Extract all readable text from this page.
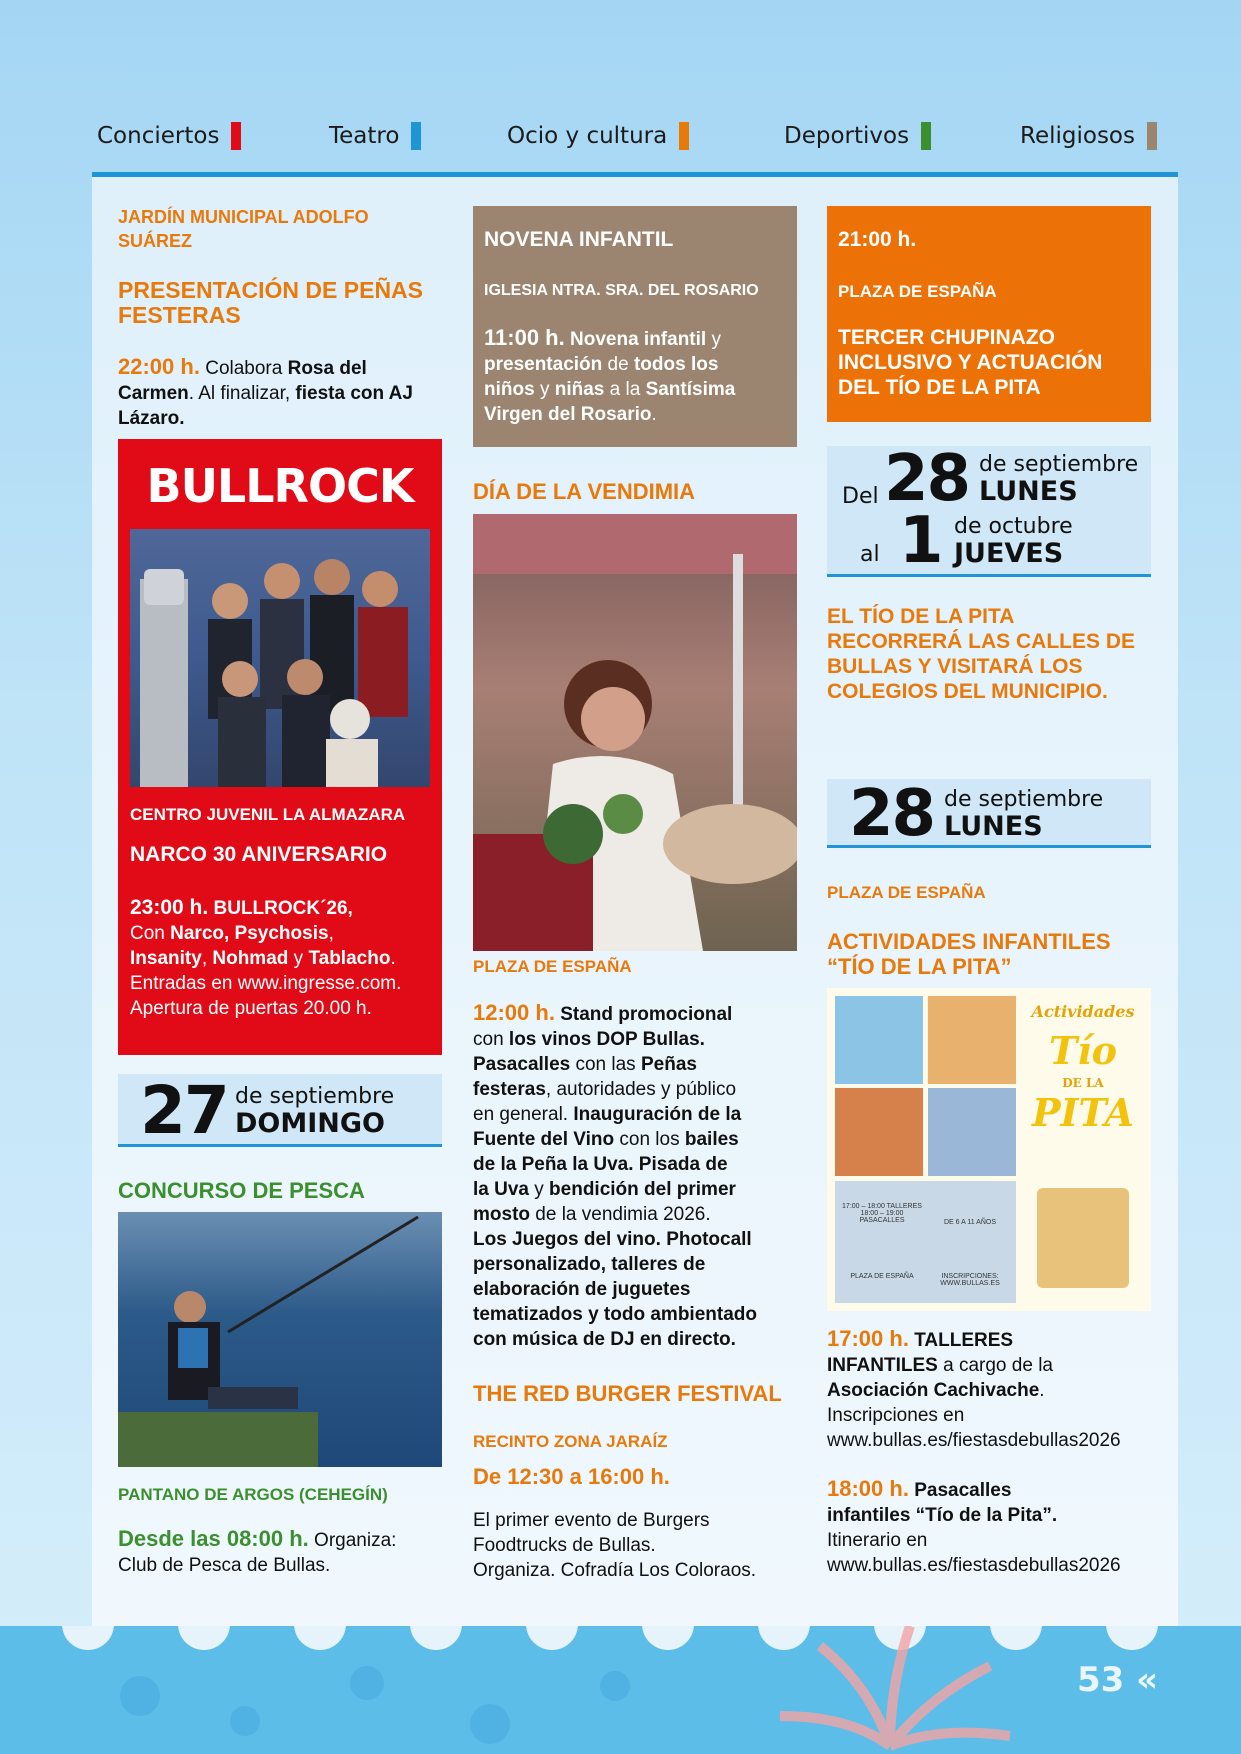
Conciertos	Teatro	Ocio y cultura	Deportivos	Religiosos
JARDÍN MUNICIPAL ADOLFO SUÁREZ
PRESENTACIÓN DE PEÑAS FESTERAS
22:00 h. Colabora Rosa del Carmen. Al finalizar, fiesta con AJ Lázaro.
BULLROCK
CENTRO JUVENIL LA ALMAZARA
NARCO 30 ANIVERSARIO
23:00 h. BULLROCK´26,
Con Narco, Psychosis,
Insanity, Nohmad y Tablacho.
Entradas en www.ingresse.com.
Apertura de puertas 20.00 h.
27 de septiembre
DOMINGO
CONCURSO DE PESCA
PANTANO DE ARGOS (CEHEGÍN)
Desde las 08:00 h. Organiza:
Club de Pesca de Bullas.
NOVENA INFANTIL
IGLESIA NTRA. SRA. DEL ROSARIO
11:00 h. Novena infantil y
presentación de todos los
niños y niñas a la Santísima
Virgen del Rosario.
DÍA DE LA VENDIMIA
PLAZA DE ESPAÑA
12:00 h. Stand promocional
con los vinos DOP Bullas.
Pasacalles con las Peñas
festeras, autoridades y público
en general. Inauguración de la
Fuente del Vino con los bailes
de la Peña la Uva. Pisada de
la Uva y bendición del primer
mosto de la vendimia 2026.
Los Juegos del vino. Photocall
personalizado, talleres de
elaboración de juguetes
tematizados y todo ambientado
con música de DJ en directo.
THE RED BURGER FESTIVAL
RECINTO ZONA JARAÍZ
De 12:30 a 16:00 h.
El primer evento de Burgers
Foodtrucks de Bullas.
Organiza. Cofradía Los Coloraos.
21:00 h.
PLAZA DE ESPAÑA
TERCER CHUPINAZO INCLUSIVO Y ACTUACIÓN DEL TÍO DE LA PITA
Del 28 de septiembre
LUNES
al 1 de octubre
JUEVES
EL TÍO DE LA PITA RECORRERÁ LAS CALLES DE BULLAS Y VISITARÁ LOS COLEGIOS DEL MUNICIPIO.
28 de septiembre
LUNES
PLAZA DE ESPAÑA
ACTIVIDADES INFANTILES “TÍO DE LA PITA”
17:00 – 18:00 TALLERES
18:00 – 19:00 PASACALLES	DE 6 A 11 AÑOS
PLAZA DE ESPAÑA	INSCRIPCIONES: WWW.BULLAS.ES
Actividades
Tío
DE LA
PITA
17:00 h. TALLERES
INFANTILES a cargo de la
Asociación Cachivache.
Inscripciones en
www.bullas.es/fiestasdebullas2026
18:00 h. Pasacalles
infantiles “Tío de la Pita”.
Itinerario en
www.bullas.es/fiestasdebullas2026
53 «
